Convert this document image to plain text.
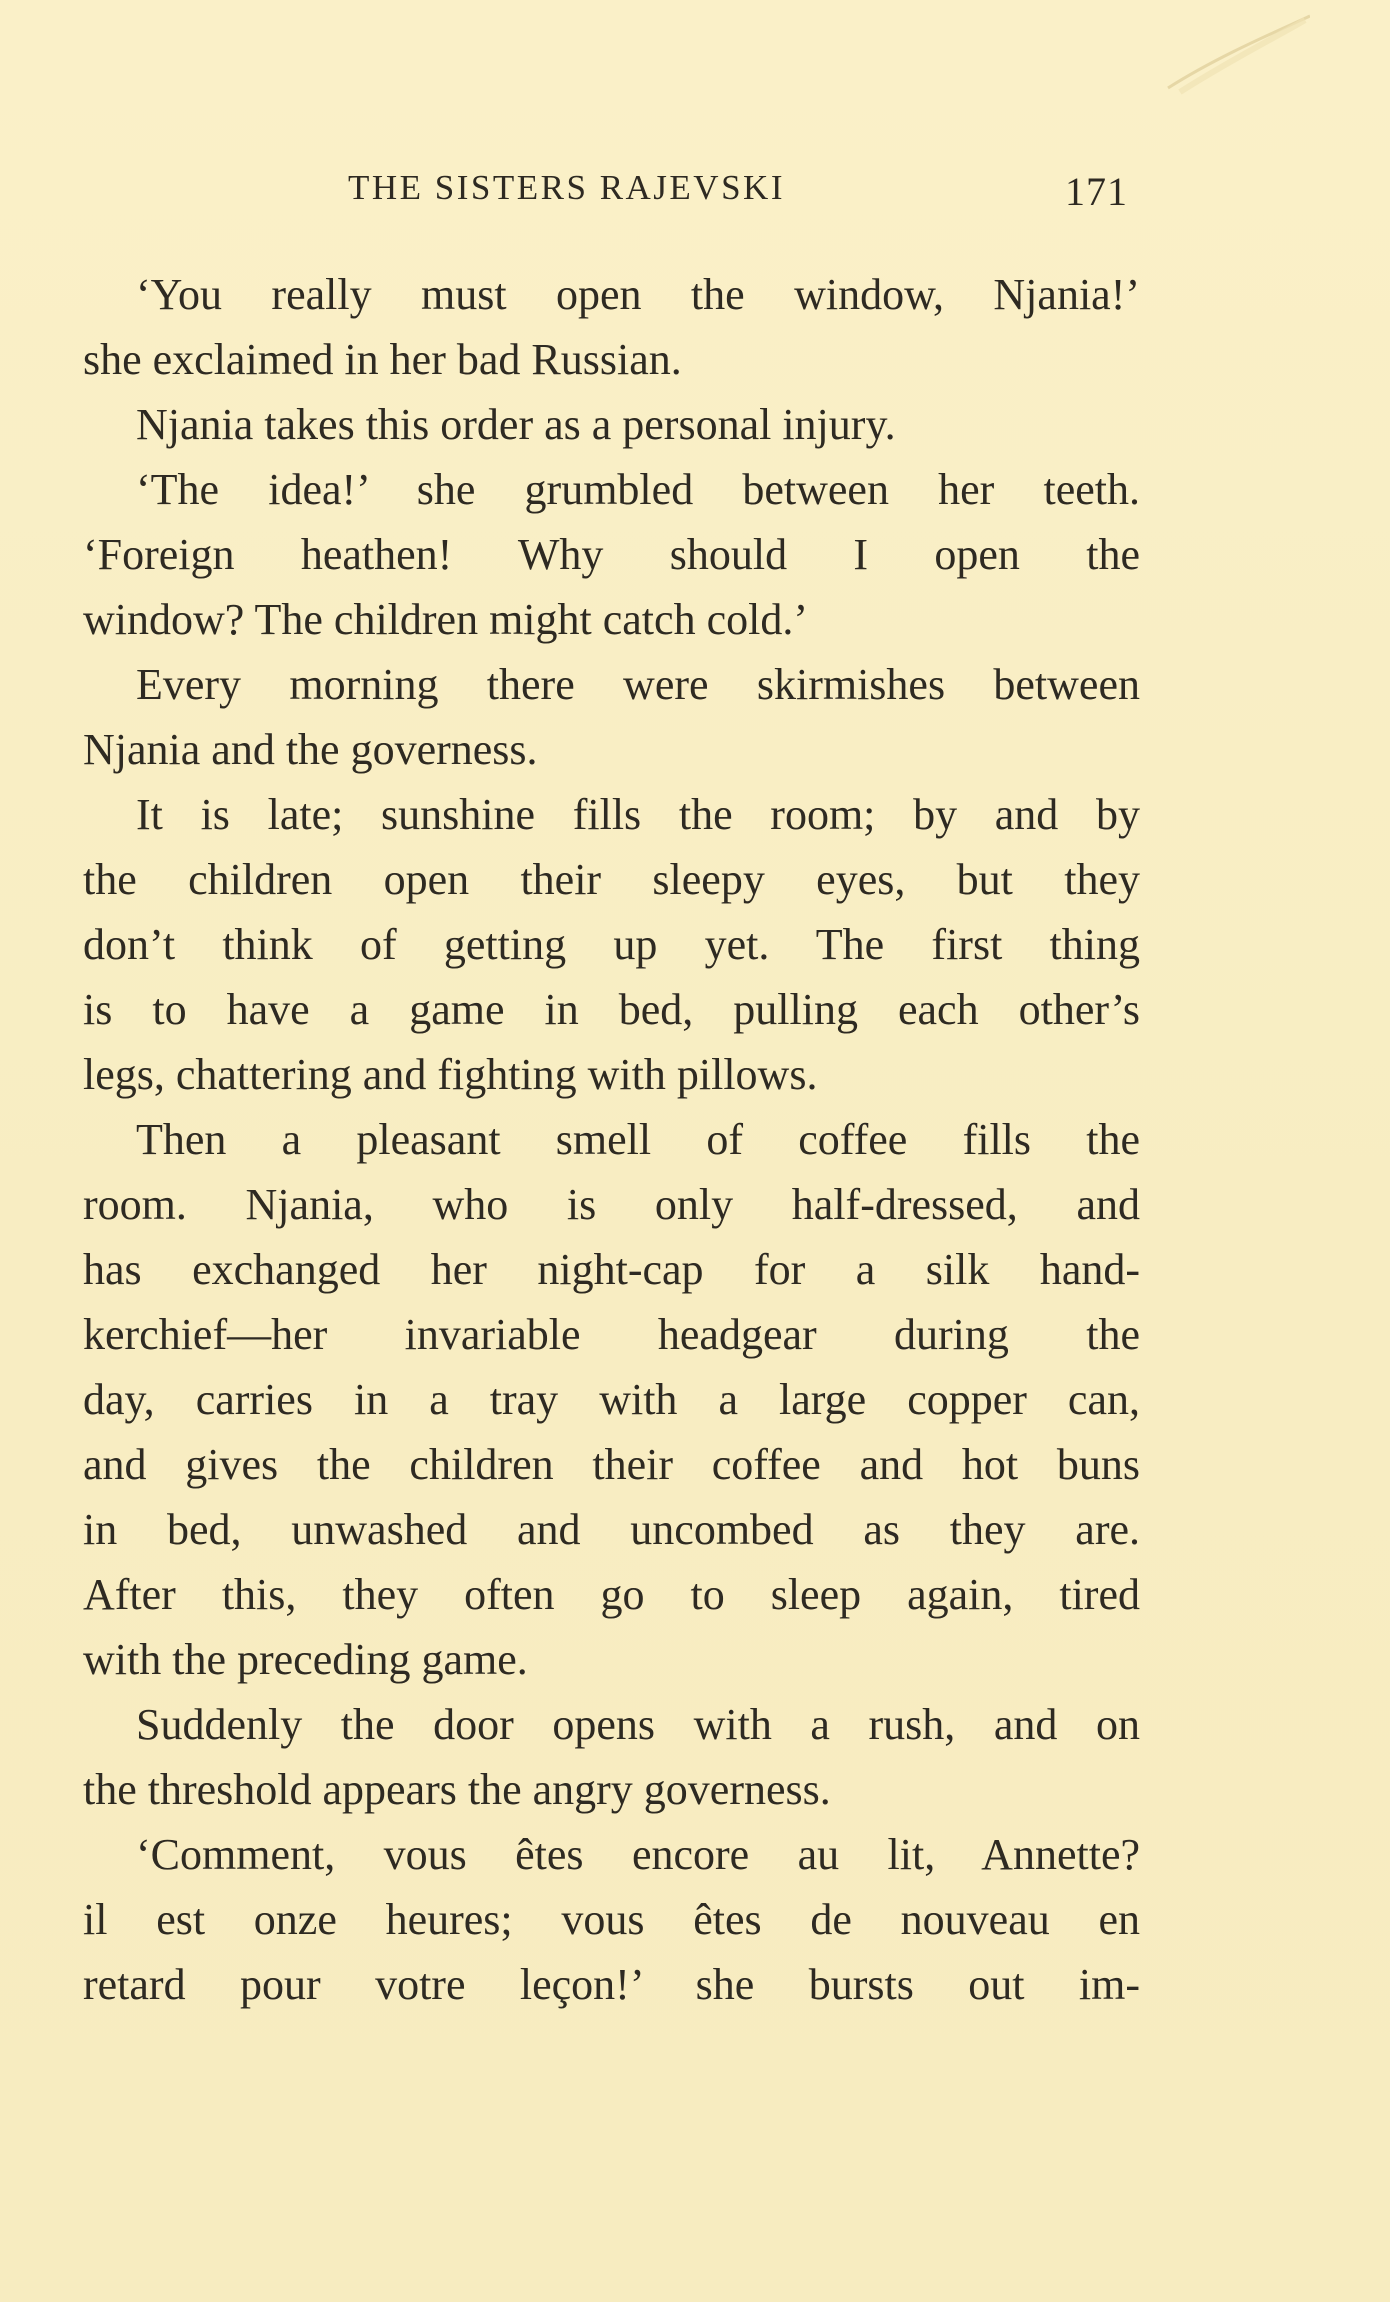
THE SISTERS RAJEVSKI	171
‘You really must open the window, Njania!’
she exclaimed in her bad Russian.
Njania takes this order as a personal injury.
‘The idea!’ she grumbled between her teeth.
‘Foreign heathen! Why should I open the
window? The children might catch cold.’
Every morning there were skirmishes between
Njania and the governess.
It is late; sunshine fills the room; by and by
the children open their sleepy eyes, but they
don’t think of getting up yet. The first thing
is to have a game in bed, pulling each other’s
legs, chattering and fighting with pillows.
Then a pleasant smell of coffee fills the
room. Njania, who is only half-dressed, and
has exchanged her night-cap for a silk hand-
kerchief—her invariable headgear during the
day, carries in a tray with a large copper can,
and gives the children their coffee and hot buns
in bed, unwashed and uncombed as they are.
After this, they often go to sleep again, tired
with the preceding game.
Suddenly the door opens with a rush, and on
the threshold appears the angry governess.
‘Comment, vous êtes encore au lit, Annette?
il est onze heures; vous êtes de nouveau en
retard pour votre leçon!’ she bursts out im-
